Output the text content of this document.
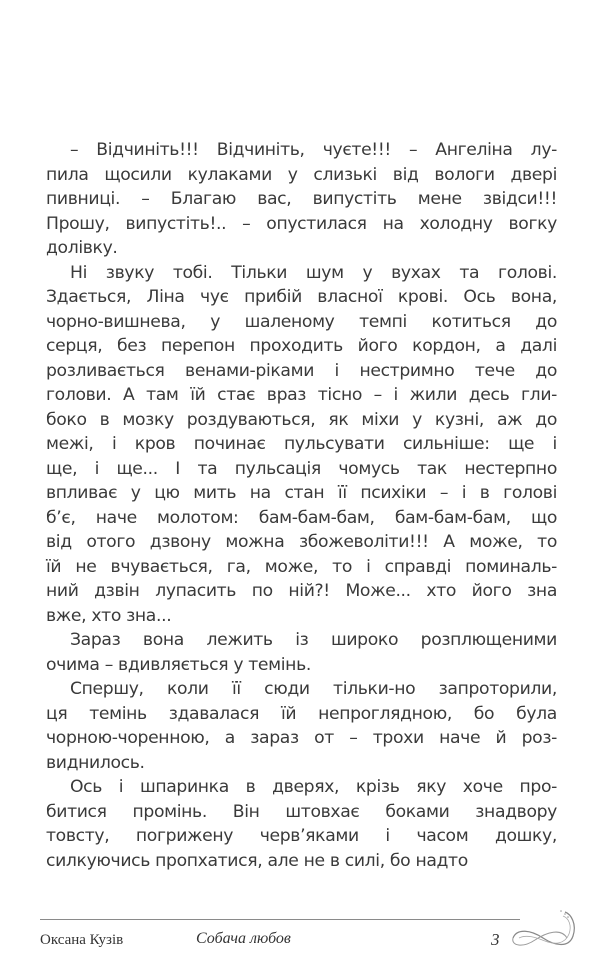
– Відчиніть!!! Відчиніть, чуєте!!! – Ангеліна лу-
пила щосили кулаками у слизькі від вологи двері
пивниці. – Благаю вас, випустіть мене звідси!!!
Прошу, випустіть!.. – опустилася на холодну вогку
долівку.

Ні звуку тобі. Тільки шум у вухах та голові.
Здається, Ліна чує прибій власної крові. Ось вона,
чорно-вишнева, у шаленому темпі котиться до
серця, без перепон проходить його кордон, а далі
розливається венами-ріками і нестримно тече до
голови. А там їй стає враз тісно – і жили десь гли-
боко в мозку роздуваються, як міхи у кузні, аж до
межі, і кров починає пульсувати сильніше: ще і
ще, і ще... І та пульсація чомусь так нестерпно
впливає у цю мить на стан її психіки – і в голові
б’є, наче молотом: бам-бам-бам, бам-бам-бам, що
від отого дзвону можна збожеволіти!!! А може, то
їй не вчувається, га, може, то і справді поминаль-
ний дзвін лупасить по ній?! Може... хто його зна
вже, хто зна...

Зараз вона лежить із широко розплющеними
очима – вдивляється у темінь.

Спершу, коли її сюди тільки-но запроторили,
ця темінь здавалася їй непроглядною, бо була
чорною-чоренною, а зараз от – трохи наче й роз-
виднилось.

Ось і шпаринка в дверях, крізь яку хоче про-
битися промінь. Він штовхає боками знадвору
товсту, погрижену черв’яками і часом дошку,
силкуючись пропхатися, але не в силі, бо надто

Оксана Кузів	Собача любов	3
